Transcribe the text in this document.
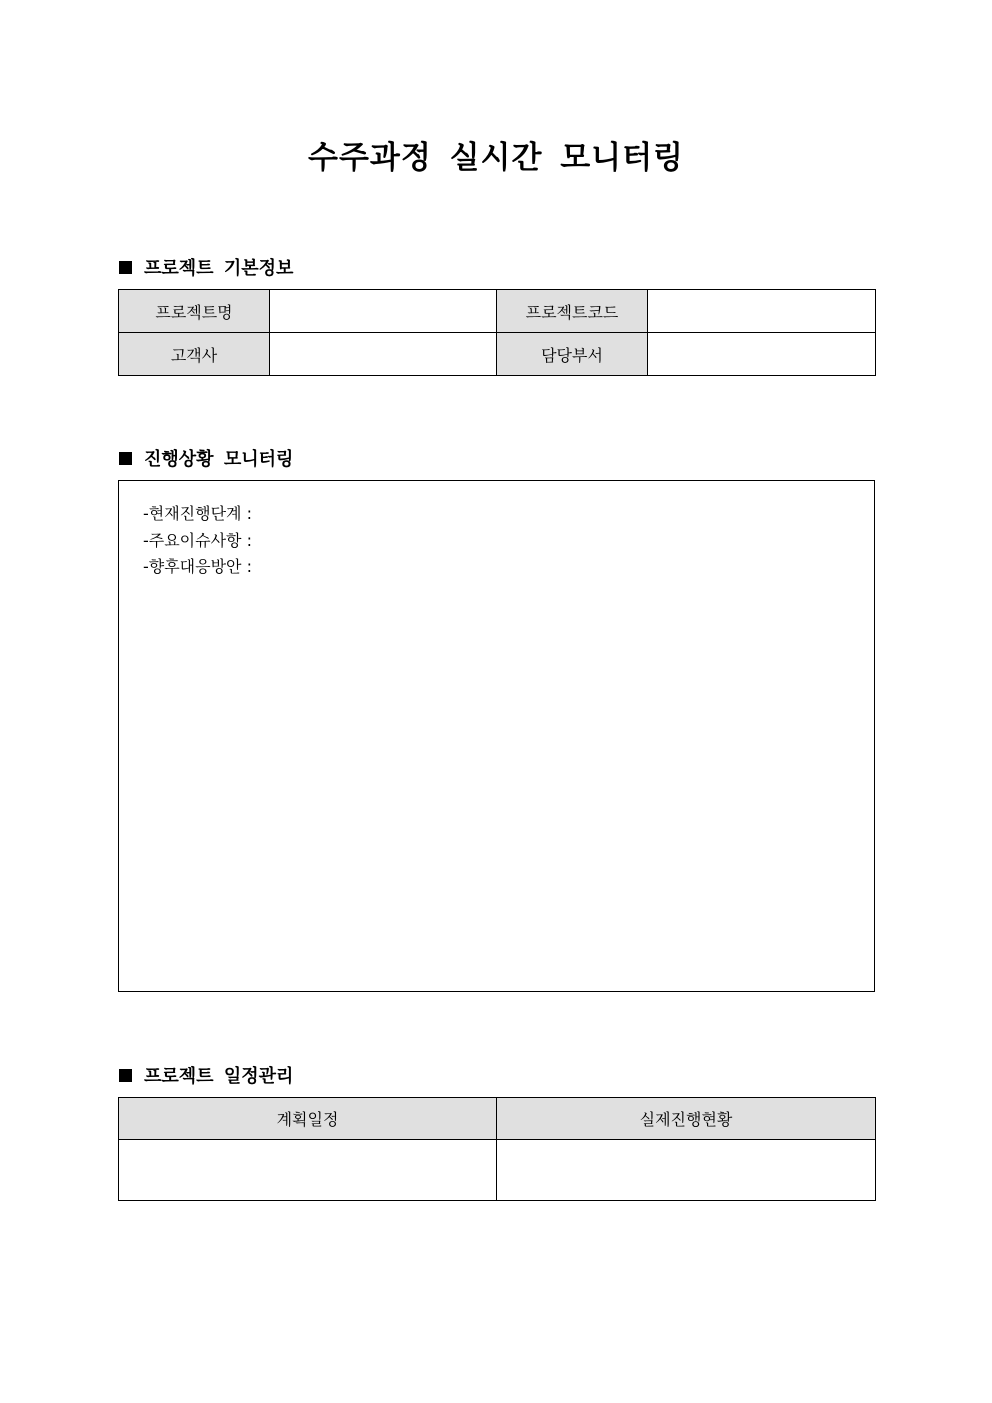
수주과정 실시간 모니터링
프로젝트 기본정보
프로젝트명		프로젝트코드	
고객사		담당부서	
진행상황 모니터링
-현재진행단계 :
-주요이슈사항 :
-향후대응방안 :
프로젝트 일정관리
계획일정	실제진행현황
